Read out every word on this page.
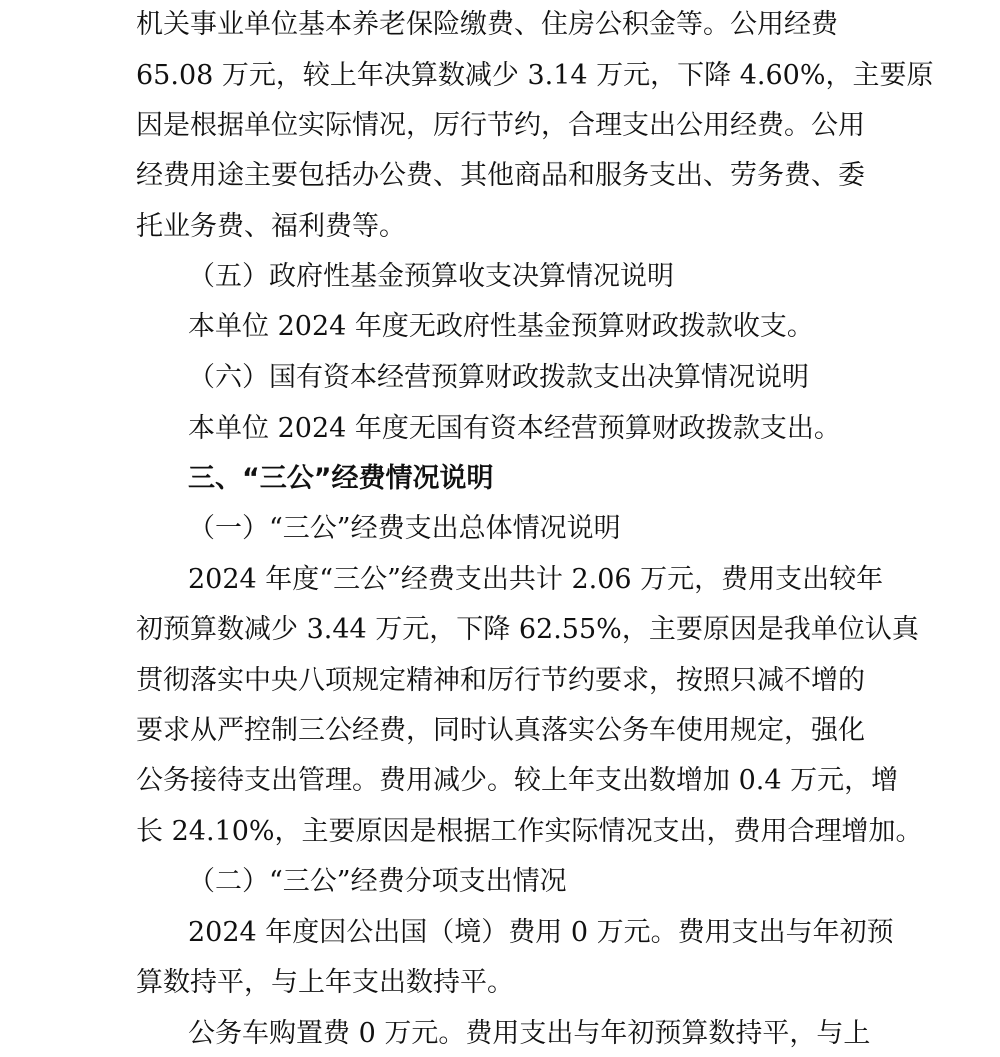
机关事业单位基本养老保险缴费、住房公积金等。公用经费
65.08 万元，较上年决算数减少 3.14 万元，下降 4.60%，主要原
因是根据单位实际情况，厉行节约，合理支出公用经费。公用
经费用途主要包括办公费、其他商品和服务支出、劳务费、委
托业务费、福利费等。
（五）政府性基金预算收支决算情况说明
本单位 2024 年度无政府性基金预算财政拨款收支。
（六）国有资本经营预算财政拨款支出决算情况说明
本单位 2024 年度无国有资本经营预算财政拨款支出。
三、“三公”经费情况说明
（一）“三公”经费支出总体情况说明
2024 年度“三公”经费支出共计 2.06 万元，费用支出较年
初预算数减少 3.44 万元，下降 62.55%，主要原因是我单位认真
贯彻落实中央八项规定精神和厉行节约要求，按照只减不增的
要求从严控制三公经费，同时认真落实公务车使用规定，强化
公务接待支出管理。费用减少。较上年支出数增加 0.4 万元，增
长 24.10%，主要原因是根据工作实际情况支出，费用合理增加。
（二）“三公”经费分项支出情况
2024 年度因公出国（境）费用 0 万元。费用支出与年初预
算数持平，与上年支出数持平。
公务车购置费 0 万元。费用支出与年初预算数持平，与上
